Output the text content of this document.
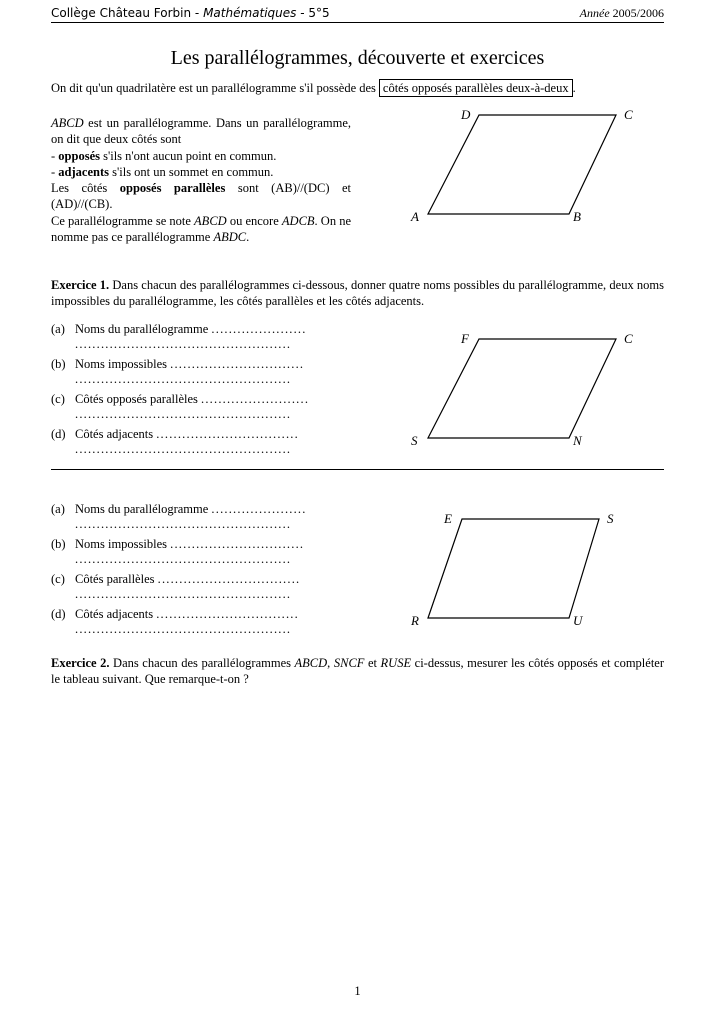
Collège Château Forbin - Mathématiques - 5°5	Année 2005/2006
Les parallélogrammes, découverte et exercices
On dit qu'un quadrilatère est un parallélogramme s'il possède des côtés opposés parallèles deux-à-deux .

ABCD est un parallélogramme. Dans un parallélogramme, on dit que deux côtés sont

- opposés s'ils n'ont aucun point en commun.

- adjacents s'ils ont un sommet en commun.

Les côtés opposés parallèles sont (AB)//(DC) et (AD)//(CB).

Ce parallélogramme se note ABCD ou encore ADCB. On ne nomme pas ce parallélogramme ABDC.

D	C
A	B
Exercice 1. Dans chacun des parallélogrammes ci-dessous, donner quatre noms possibles du parallélogramme, deux noms impossibles du parallélogramme, les côtés parallèles et les côtés adjacents.
(a) Noms du parallélogramme ......................
..................................................
(b) Noms impossibles ...............................
..................................................
(c) Côtés opposés parallèles .........................
..................................................
(d) Côtés adjacents .................................
..................................................
F	C
S	N
(a) Noms du parallélogramme ......................
..................................................
(b) Noms impossibles ...............................
..................................................
(c) Côtés parallèles .................................
..................................................
(d) Côtés adjacents .................................
..................................................
E	S
R	U
Exercice 2. Dans chacun des parallélogrammes ABCD, SNCF et RUSE ci-dessus, mesurer les côtés opposés et compléter le tableau suivant. Que remarque-t-on ?
1
